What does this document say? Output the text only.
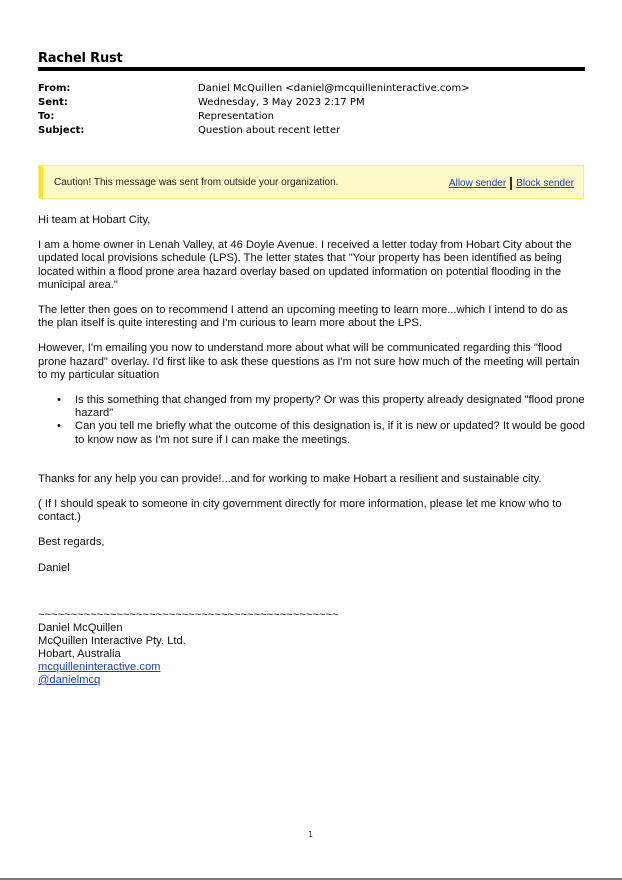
Rachel Rust
From:	Daniel McQuillen <daniel@mcquilleninteractive.com>
Sent:	Wednesday, 3 May 2023 2:17 PM
To:	Representation
Subject:	Question about recent letter
Caution! This message was sent from outside your organization.	Allow sender Block sender

Hi team at Hobart City,

I am a home owner in Lenah Valley, at 46 Doyle Avenue. I received a letter today from Hobart City about the updated local provisions schedule (LPS). The letter states that "Your property has been identified as being located within a flood prone area hazard overlay based on updated information on potential flooding in the municipal area."

The letter then goes on to recommend I attend an upcoming meeting to learn more...which I intend to do as the plan itself is quite interesting and I'm curious to learn more about the LPS.

However, I'm emailing you now to understand more about what will be communicated regarding this "flood prone hazard" overlay. I'd first like to ask these questions as I'm not sure how much of the meeting will pertain to my particular situation

• Is this something that changed from my property? Or was this property already designated "flood prone hazard"
• Can you tell me briefly what the outcome of this designation is, if it is new or updated? It would be good to know now as I'm not sure if I can make the meetings.

Thanks for any help you can provide!...and for working to make Hobart a resilient and sustainable city.

( If I should speak to someone in city government directly for more information, please let me know who to contact.)

Best regards,

Daniel

~~~~~~~~~~~~~~~~~~~~~~~~~~~~~~~~~~~~~~~~~~~~~~
Daniel McQuillen
McQuillen Interactive Pty. Ltd.
Hobart, Australia
mcquilleninteractive.com
@danielmcq
1
